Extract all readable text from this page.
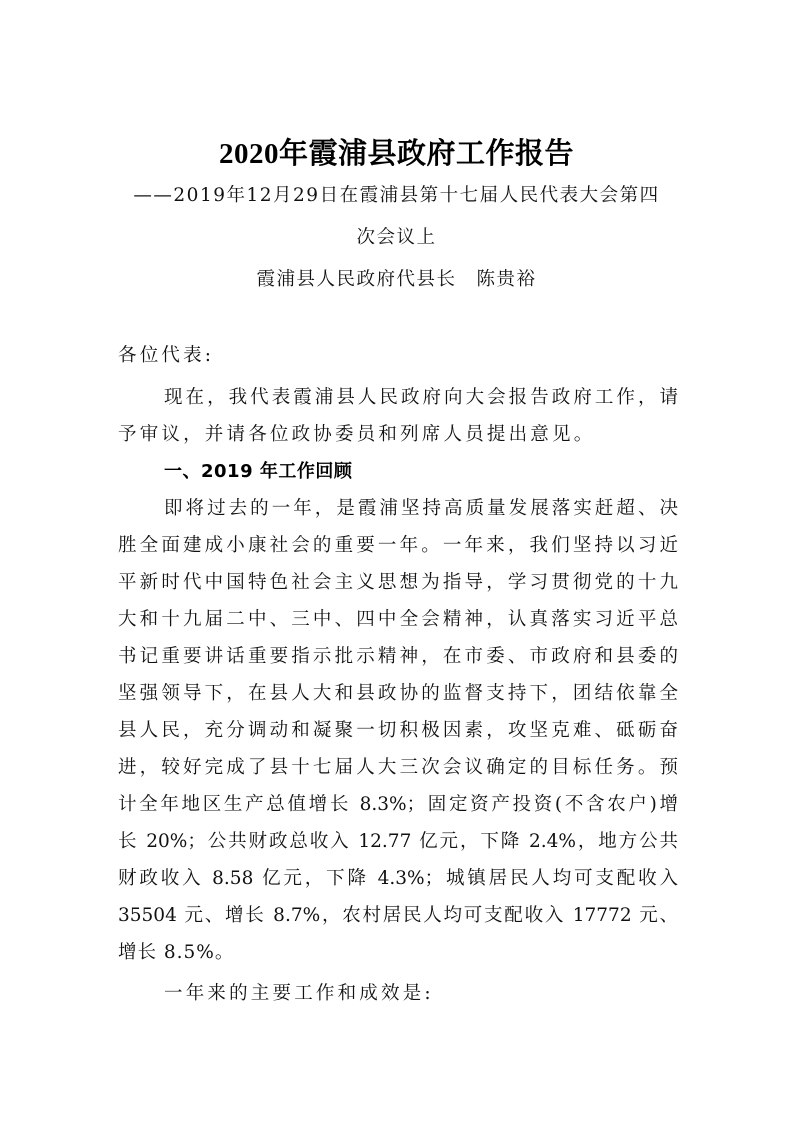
2020年霞浦县政府工作报告
——2019年12月29日在霞浦县第十七届人民代表大会第四
次会议上
霞浦县人民政府代县长　陈贵裕
各位代表:
现在，我代表霞浦县人民政府向大会报告政府工作，请
予审议，并请各位政协委员和列席人员提出意见。
一、2019 年工作回顾
即将过去的一年，是霞浦坚持高质量发展落实赶超、决
胜全面建成小康社会的重要一年。一年来，我们坚持以习近
平新时代中国特色社会主义思想为指导，学习贯彻党的十九
大和十九届二中、三中、四中全会精神，认真落实习近平总
书记重要讲话重要指示批示精神，在市委、市政府和县委的
坚强领导下，在县人大和县政协的监督支持下，团结依靠全
县人民，充分调动和凝聚一切积极因素，攻坚克难、砥砺奋
进，较好完成了县十七届人大三次会议确定的目标任务。预
计全年地区生产总值增长 8.3%；固定资产投资(不含农户)增
长 20%；公共财政总收入 12.77 亿元，下降 2.4%，地方公共
财政收入 8.58 亿元，下降 4.3%；城镇居民人均可支配收入
35504 元、增长 8.7%，农村居民人均可支配收入 17772 元、
增长 8.5%。
一年来的主要工作和成效是:
